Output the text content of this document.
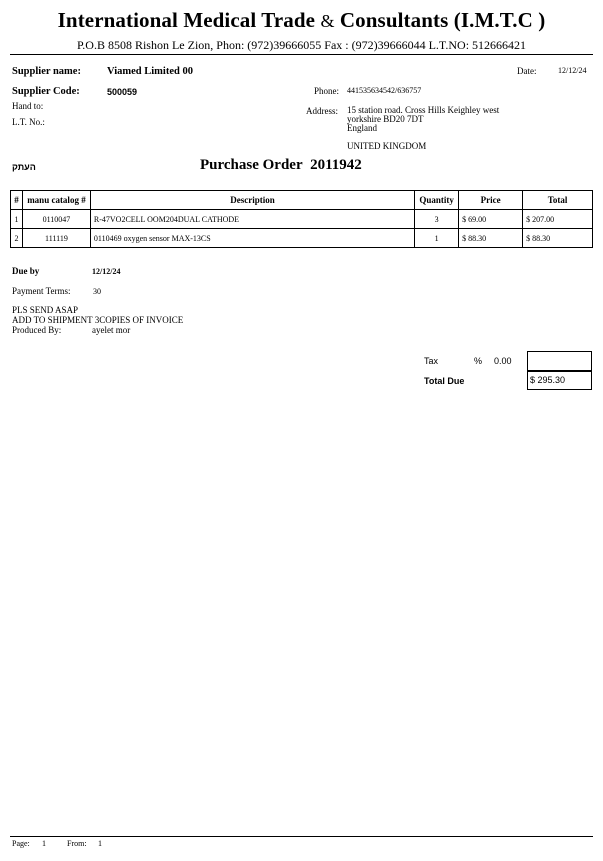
International Medical Trade & Consultants (I.M.T.C )
P.O.B 8508 Rishon Le Zion, Phon: (972)39666055 Fax : (972)39666044 L.T.NO: 512666421
Supplier name: Viamed Limited 00
Supplier Code:	500059
Hand to:
L.T. No.:
Date:	12/12/24
Phone: 441535634542/636757
Address: 15 station road. Cross Hills Keighley west
yorkshire BD20 7DT
England
UNITED KINGDOM
העתק	Purchase Order 2011942
#	manu catalog #	Description	Quantity	Price	Total
1	0110047	R-47VO2CELL OOM204DUAL CATHODE	3	$ 69.00	$ 207.00
2	111119	0110469 oxygen sensor MAX-13CS	1	$ 88.30	$ 88.30
Due by	12/12/24
Payment Terms:	30
PLS SEND ASAP
ADD TO SHIPMENT 3COPIES OF INVOICE
Produced By:	ayelet mor
Tax	% 0.00
Total Due	$ 295.30
Page: 1	From: 1
